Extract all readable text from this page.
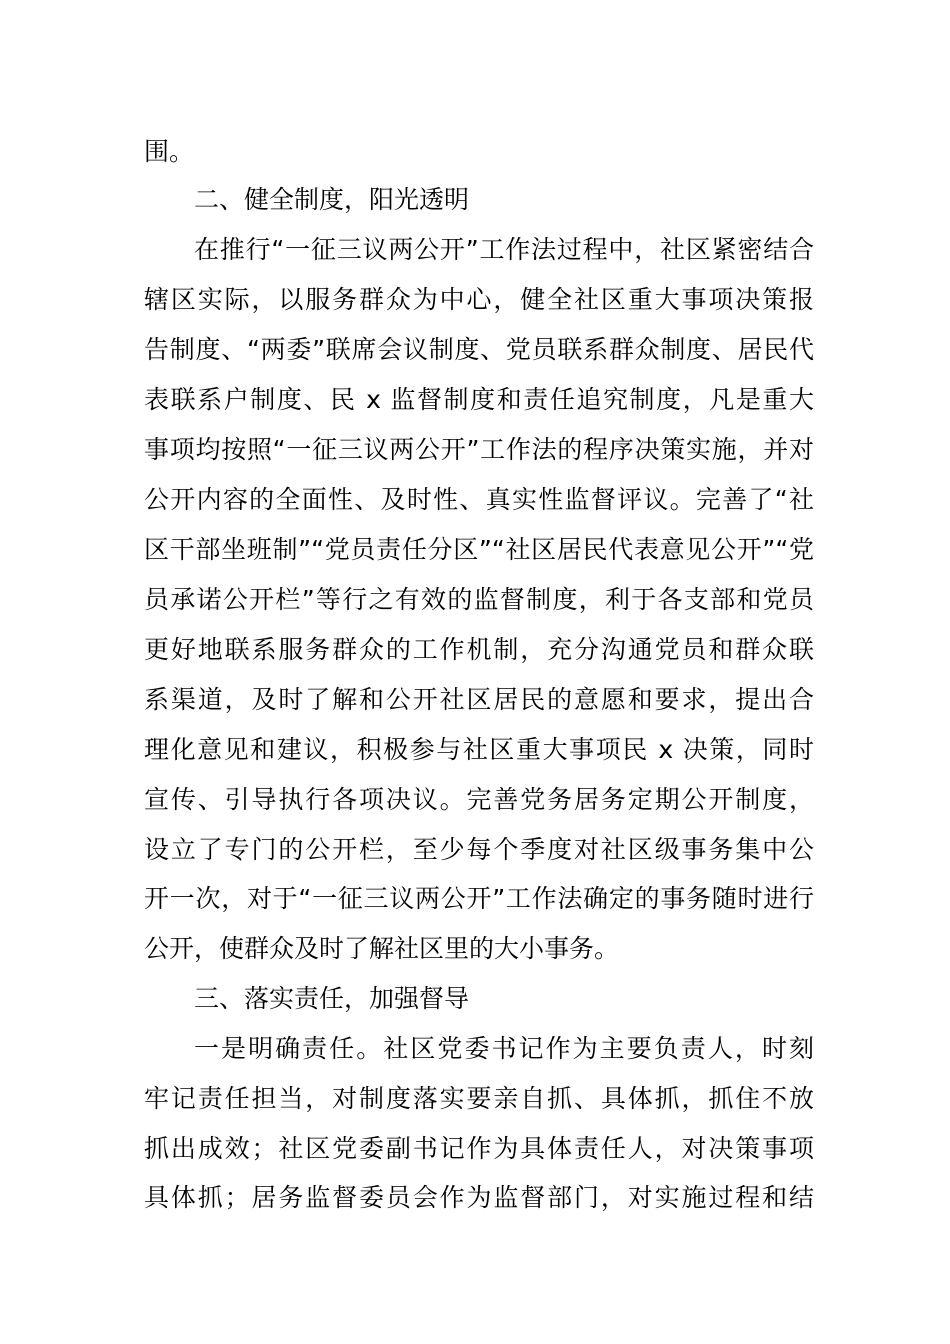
围。
二、健全制度，阳光透明
在推行“一征三议两公开”工作法过程中，社区紧密结合
辖区实际，以服务群众为中心，健全社区重大事项决策报
告制度、“两委”联席会议制度、党员联系群众制度、居民代
表联系户制度、民 x 监督制度和责任追究制度，凡是重大
事项均按照“一征三议两公开”工作法的程序决策实施，并对
公开内容的全面性、及时性、真实性监督评议。完善了“社
区干部坐班制”“党员责任分区”“社区居民代表意见公开”“党
员承诺公开栏”等行之有效的监督制度，利于各支部和党员
更好地联系服务群众的工作机制，充分沟通党员和群众联
系渠道，及时了解和公开社区居民的意愿和要求，提出合
理化意见和建议，积极参与社区重大事项民 x 决策，同时
宣传、引导执行各项决议。完善党务居务定期公开制度，
设立了专门的公开栏，至少每个季度对社区级事务集中公
开一次，对于“一征三议两公开”工作法确定的事务随时进行
公开，使群众及时了解社区里的大小事务。
三、落实责任，加强督导
一是明确责任。社区党委书记作为主要负责人，时刻
牢记责任担当，对制度落实要亲自抓、具体抓，抓住不放
抓出成效；社区党委副书记作为具体责任人，对决策事项
具体抓；居务监督委员会作为监督部门，对实施过程和结
